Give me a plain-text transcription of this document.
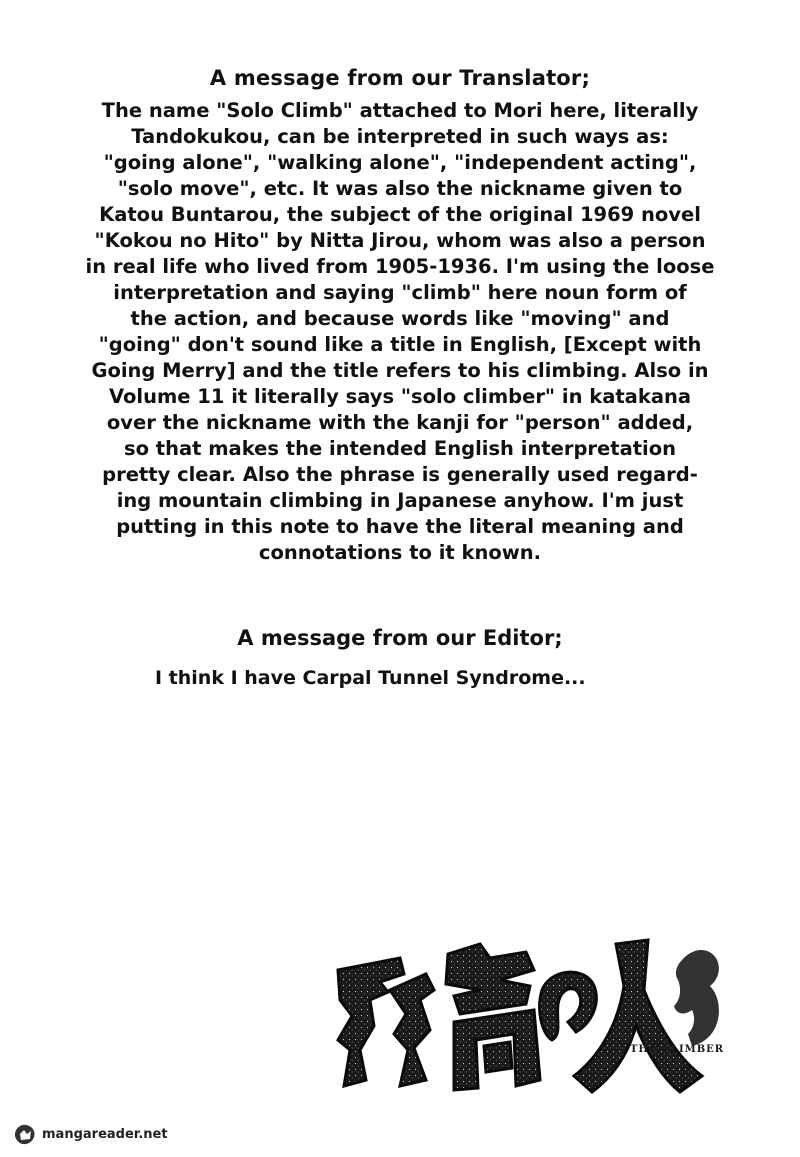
A message from our Translator;
The name "Solo Climb" attached to Mori here, literally
Tandokukou, can be interpreted in such ways as:
"going alone", "walking alone", "independent acting",
"solo move", etc. It was also the nickname given to
Katou Buntarou, the subject of the original 1969 novel
"Kokou no Hito" by Nitta Jirou, whom was also a person
in real life who lived from 1905-1936. I'm using the loose
interpretation and saying "climb" here noun form of
the action, and because words like "moving" and
"going" don't sound like a title in English, [Except with
Going Merry] and the title refers to his climbing. Also in
Volume 11 it literally says "solo climber" in katakana
over the nickname with the kanji for "person" added,
so that makes the intended English interpretation
pretty clear. Also the phrase is generally used regard-
ing mountain climbing in Japanese anyhow. I'm just
putting in this note to have the literal meaning and
connotations to it known.
A message from our Editor;
I think I have Carpal Tunnel Syndrome...
THE CLIMBER
mangareader.net
